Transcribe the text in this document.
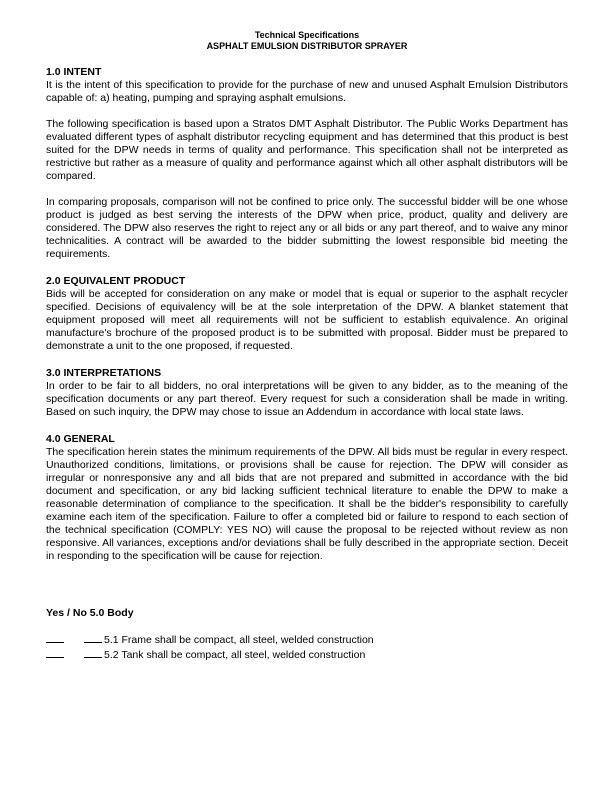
Technical Specifications
ASPHALT EMULSION DISTRIBUTOR SPRAYER
1.0 INTENT

It is the intent of this specification to provide for the purchase of new and unused Asphalt Emulsion Distributors capable of: a) heating, pumping and spraying asphalt emulsions.

The following specification is based upon a Stratos DMT Asphalt Distributor. The Public Works Department has evaluated different types of asphalt distributor recycling equipment and has determined that this product is best suited for the DPW needs in terms of quality and performance. This specification shall not be interpreted as restrictive but rather as a measure of quality and performance against which all other asphalt distributors will be compared.

In comparing proposals, comparison will not be confined to price only. The successful bidder will be one whose product is judged as best serving the interests of the DPW when price, product, quality and delivery are considered. The DPW also reserves the right to reject any or all bids or any part thereof, and to waive any minor technicalities. A contract will be awarded to the bidder submitting the lowest responsible bid meeting the requirements.

2.0 EQUIVALENT PRODUCT

Bids will be accepted for consideration on any make or model that is equal or superior to the asphalt recycler specified. Decisions of equivalency will be at the sole interpretation of the DPW. A blanket statement that equipment proposed will meet all requirements will not be sufficient to establish equivalence. An original manufacture's brochure of the proposed product is to be submitted with proposal. Bidder must be prepared to demonstrate a unit to the one proposed, if requested.

3.0 INTERPRETATIONS

In order to be fair to all bidders, no oral interpretations will be given to any bidder, as to the meaning of the specification documents or any part thereof. Every request for such a consideration shall be made in writing. Based on such inquiry, the DPW may chose to issue an Addendum in accordance with local state laws.

4.0 GENERAL

The specification herein states the minimum requirements of the DPW. All bids must be regular in every respect. Unauthorized conditions, limitations, or provisions shall be cause for rejection. The DPW will consider as irregular or nonresponsive any and all bids that are not prepared and submitted in accordance with the bid document and specification, or any bid lacking sufficient technical literature to enable the DPW to make a reasonable determination of compliance to the specification. It shall be the bidder's responsibility to carefully examine each item of the specification. Failure to offer a completed bid or failure to respond to each section of the technical specification (COMPLY: YES NO) will cause the proposal to be rejected without review as non responsive. All variances, exceptions and/or deviations shall be fully described in the appropriate section. Deceit in responding to the specification will be cause for rejection.

Yes / No 5.0 Body
5.1 Frame shall be compact, all steel, welded construction
5.2 Tank shall be compact, all steel, welded construction
